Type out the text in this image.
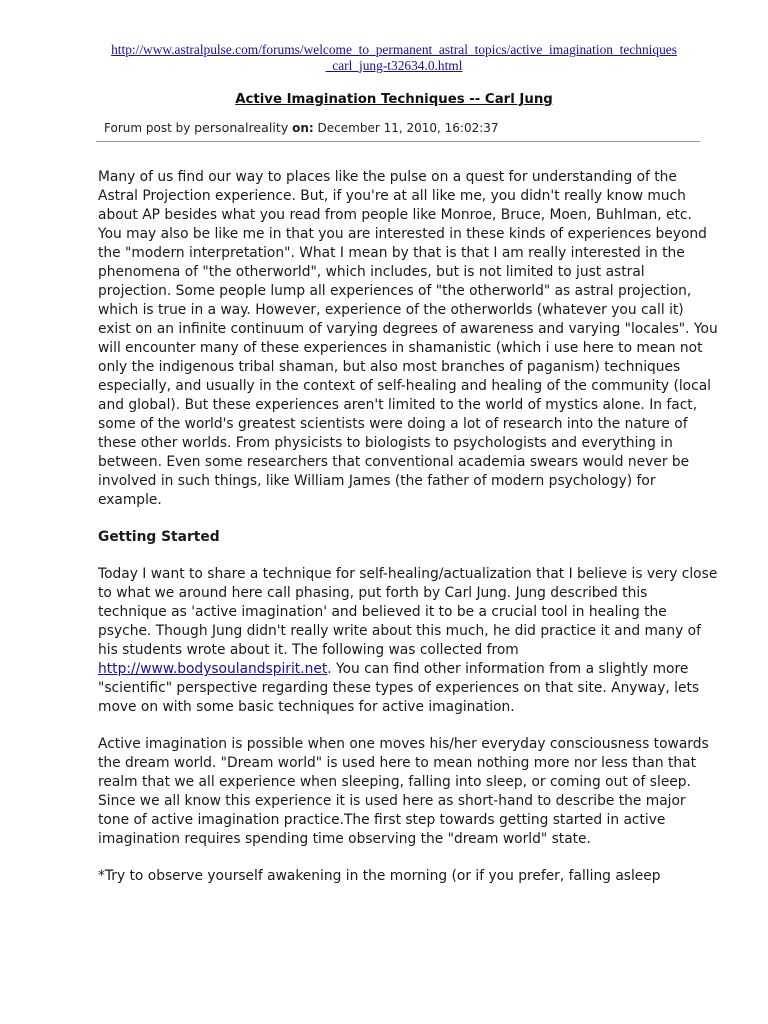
http://www.astralpulse.com/forums/welcome_to_permanent_astral_topics/active_imagination_techniques
_carl_jung-t32634.0.html
Active Imagination Techniques -- Carl Jung
Forum post by personalreality on: December 11, 2010, 16:02:37

Many of us find our way to places like the pulse on a quest for understanding of the Astral Projection experience. But, if you're at all like me, you didn't really know much about AP besides what you read from people like Monroe, Bruce, Moen, Buhlman, etc. You may also be like me in that you are interested in these kinds of experiences beyond the "modern interpretation". What I mean by that is that I am really interested in the phenomena of "the otherworld", which includes, but is not limited to just astral projection. Some people lump all experiences of "the otherworld" as astral projection, which is true in a way. However, experience of the otherworlds (whatever you call it) exist on an infinite continuum of varying degrees of awareness and varying "locales". You will encounter many of these experiences in shamanistic (which i use here to mean not only the indigenous tribal shaman, but also most branches of paganism) techniques especially, and usually in the context of self-healing and healing of the community (local and global). But these experiences aren't limited to the world of mystics alone. In fact, some of the world's greatest scientists were doing a lot of research into the nature of these other worlds. From physicists to biologists to psychologists and everything in between. Even some researchers that conventional academia swears would never be involved in such things, like William James (the father of modern psychology) for example.

Getting Started

Today I want to share a technique for self-healing/actualization that I believe is very close to what we around here call phasing, put forth by Carl Jung. Jung described this technique as 'active imagination' and believed it to be a crucial tool in healing the psyche. Though Jung didn't really write about this much, he did practice it and many of his students wrote about it. The following was collected from http://www.bodysoulandspirit.net. You can find other information from a slightly more "scientific" perspective regarding these types of experiences on that site. Anyway, lets move on with some basic techniques for active imagination.

Active imagination is possible when one moves his/her everyday consciousness towards the dream world. "Dream world" is used here to mean nothing more nor less than that realm that we all experience when sleeping, falling into sleep, or coming out of sleep. Since we all know this experience it is used here as short-hand to describe the major tone of active imagination practice.The first step towards getting started in active imagination requires spending time observing the "dream world" state.

*Try to observe yourself awakening in the morning (or if you prefer, falling asleep
